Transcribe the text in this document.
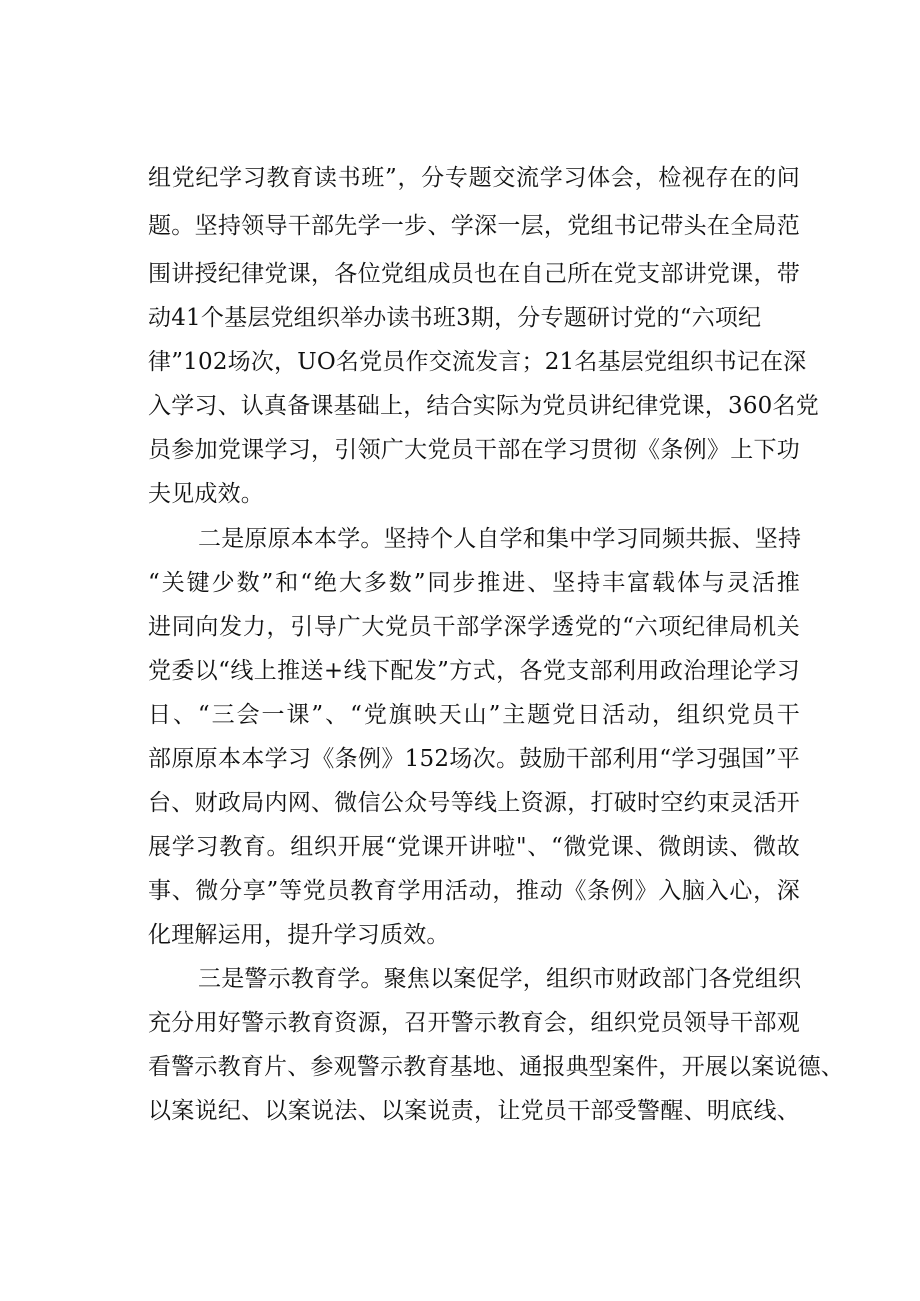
组党纪学习教育读书班”，分专题交流学习体会，检视存在的问
题。坚持领导干部先学一步、学深一层，党组书记带头在全局范
围讲授纪律党课，各位党组成员也在自己所在党支部讲党课，带
动41个基层党组织举办读书班3期，分专题研讨党的“六项纪
律”102场次，UO名党员作交流发言；21名基层党组织书记在深
入学习、认真备课基础上，结合实际为党员讲纪律党课，360名党
员参加党课学习，引领广大党员干部在学习贯彻《条例》上下功
夫见成效。
二是原原本本学。坚持个人自学和集中学习同频共振、坚持
“关键少数”和“绝大多数”同步推进、坚持丰富载体与灵活推
进同向发力，引导广大党员干部学深学透党的“六项纪律局机关
党委以“线上推送+线下配发”方式，各党支部利用政治理论学习
日、“三会一课”、“党旗映天山”主题党日活动，组织党员干
部原原本本学习《条例》152场次。鼓励干部利用“学习强国”平
台、财政局内网、微信公众号等线上资源，打破时空约束灵活开
展学习教育。组织开展“党课开讲啦"、“微党课、微朗读、微故
事、微分享”等党员教育学用活动，推动《条例》入脑入心，深
化理解运用，提升学习质效。
三是警示教育学。聚焦以案促学，组织市财政部门各党组织
充分用好警示教育资源，召开警示教育会，组织党员领导干部观
看警示教育片、参观警示教育基地、通报典型案件，开展以案说德、
以案说纪、以案说法、以案说责，让党员干部受警醒、明底线、
